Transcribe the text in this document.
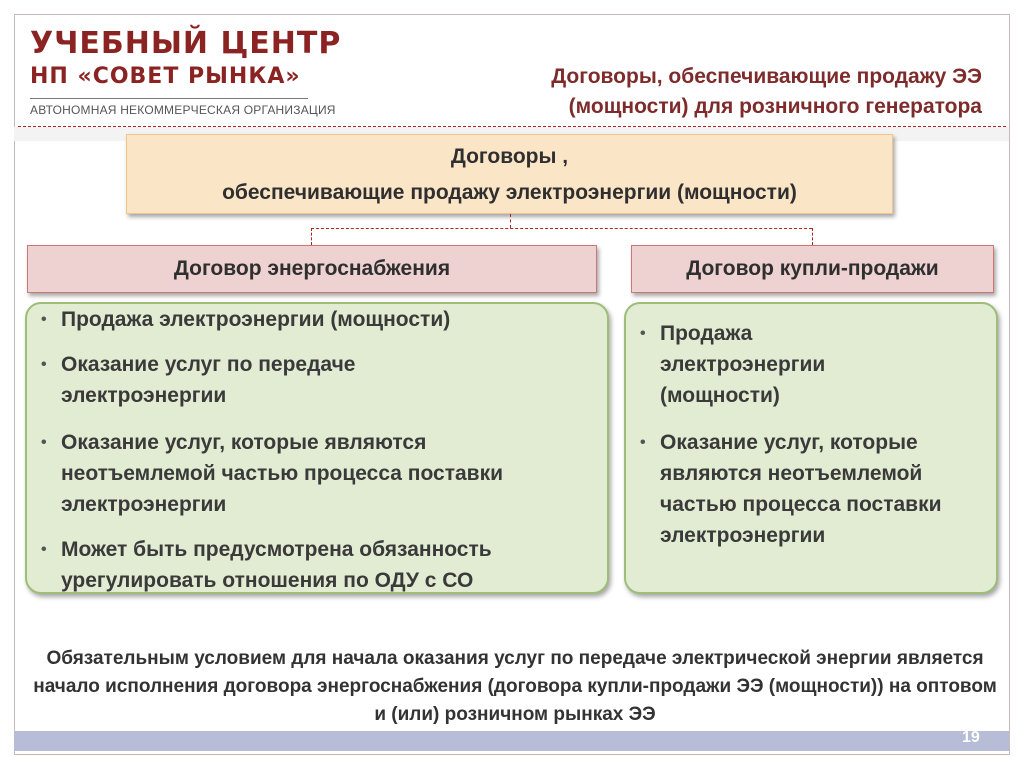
УЧЕБНЫЙ ЦЕНТР
НП «СОВЕТ РЫНКА»
АВТОНОМНАЯ НЕКОММЕРЧЕСКАЯ ОРГАНИЗАЦИЯ
Договоры, обеспечивающие продажу ЭЭ
(мощности) для розничного генератора
Договоры ,
обеспечивающие продажу электроэнергии (мощности)
Договор энергоснабжения	Договор купли-продажи
• Продажа электроэнергии (мощности)
• Оказание услуг по передаче электроэнергии
• Оказание услуг, которые являются неотъемлемой частью процесса поставки электроэнергии
• Может быть предусмотрена обязанность урегулировать отношения по ОДУ с СО
• Продажа электроэнергии (мощности)
• Оказание услуг, которые являются неотъемлемой частью процесса поставки электроэнергии
Обязательным условием для начала оказания услуг по передаче электрической энергии является начало исполнения договора энергоснабжения (договора купли-продажи ЭЭ (мощности)) на оптовом и (или) розничном рынках ЭЭ
19
